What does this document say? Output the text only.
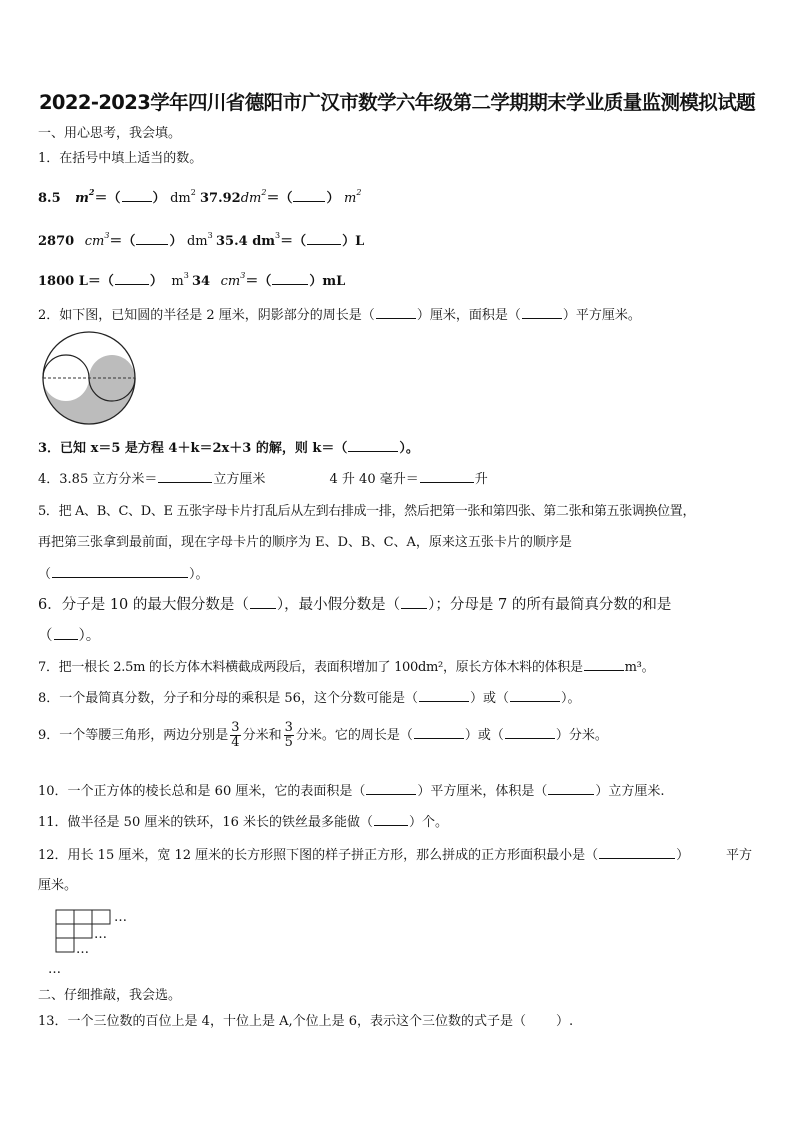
2022-2023学年四川省德阳市广汉市数学六年级第二学期期末学业质量监测模拟试题
一、用心思考，我会填。
1．在括号中填上适当的数。
8.5 $m^2=$（ ） $dm^2$ $37.92dm^2=$（	） $m^2$
2870 $cm^3=$（	） $dm^3$ 35.4 $dm^3=$（	）L
1800 L＝（	） $m^3$ 34 $cm^3=$（	）mL
2．如下图，已知圆的半径是 2 厘米，阴影部分的周长是（	）厘米，面积是（	）平方厘米。
3．已知 x＝5 是方程 4＋k＝2x＋3 的解，则 k＝（	）。
4．3.85 立方分米＝	立方厘米	4 升 40 毫升＝	升
5．把 A、B、C、D、E 五张字母卡片打乱后从左到右排成一排，然后把第一张和第四张、第二张和第五张调换位置，
再把第三张拿到最前面，现在字母卡片的顺序为 E、D、B、C、A，原来这五张卡片的顺序是
（	）。
6．分子是 10 的最大假分数是（ ），最小假分数是（ ）；分母是 7 的所有最简真分数的和是
（ ）。
7．把一根长 2.5m 的长方体木料横截成两段后，表面积增加了 100dm²，原长方体木料的体积是	m³。
8．一个最简真分数，分子和分母的乘积是 56，这个分数可能是（	）或（	）。
9．一个等腰三角形，两边分别是 $\frac{3}{4}$ 分米和 $\frac{3}{5}$ 分米。它的周长是（	）或（	）分米。
10．一个正方体的棱长总和是 60 厘米，它的表面积是（	）平方厘米，体积是（	）立方厘米.
11．做半径是 50 厘米的铁环，16 米长的铁丝最多能做（	）个。
12．用长 15 厘米，宽 12 厘米的长方形照下图的样子拼正方形，那么拼成的正方形面积最小是（	）	平方
厘米。
…
…
…
…
二、仔细推敲，我会选。
13．一个三位数的百位上是 4，十位上是 A,个位上是 6，表示这个三位数的式子是（ ）.
